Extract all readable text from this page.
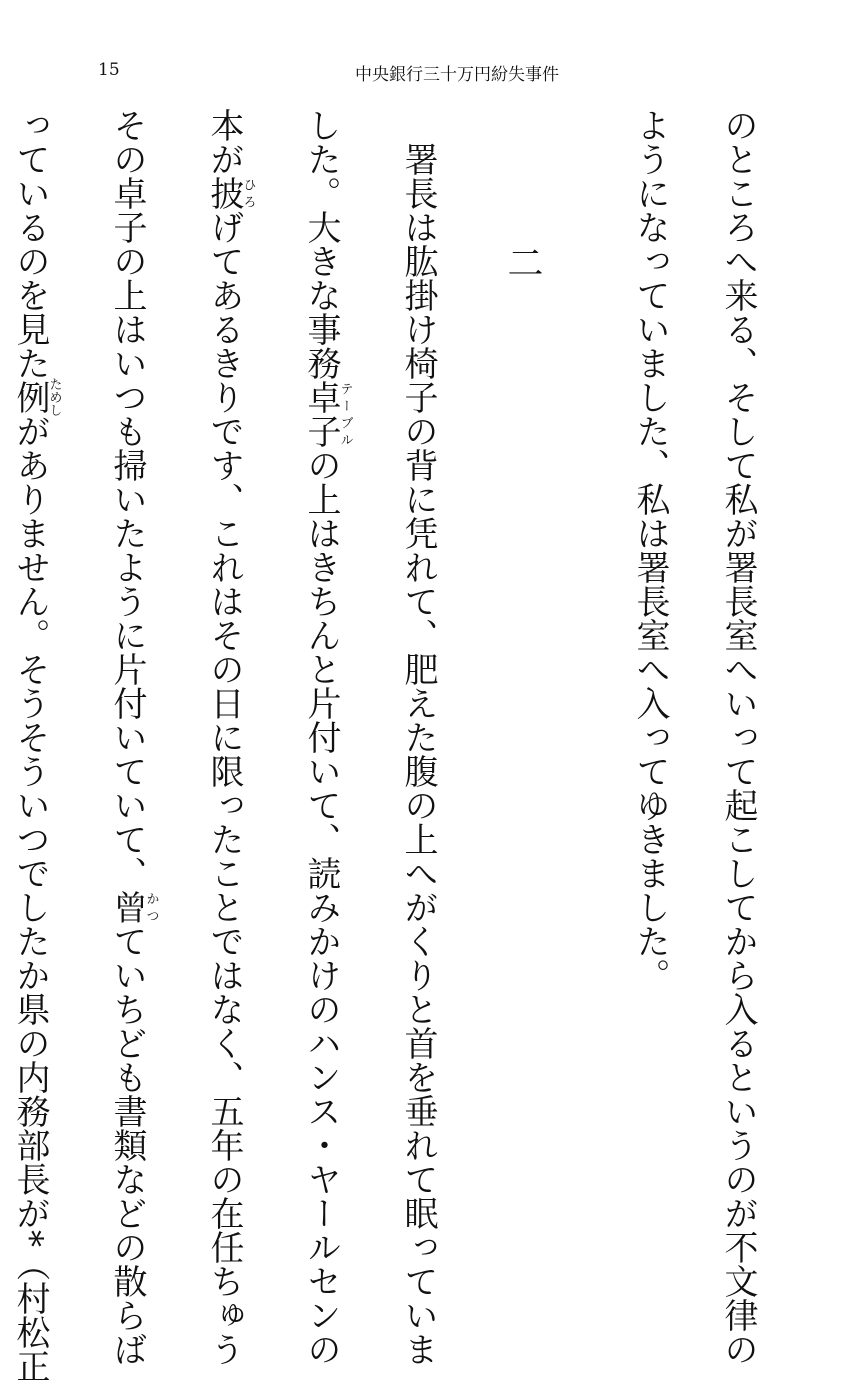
15	中央銀行三十万円紛失事件
のところへ来る、そして私が署長室へいって起こしてから入るというのが不文律の

ようになっていました、私は署長室へ入ってゆきました。

二
署長は肱掛け椅子の背に凭れて、肥えた腹の上へがくりと首を垂れて眠っていま

した。大きな事務卓子テーブルの上はきちんと片付いて、読みかけのハンス・ヤールセンの

本が披ひろげてあるきりです、これはその日に限ったことではなく、五年の在任ちゅう

その卓子の上はいつも掃いたように片付いていて、曾かつていちども書類などの散らば

っているのを見た例ためしがありません。そうそういつでしたか県の内務部長が*（村松正
